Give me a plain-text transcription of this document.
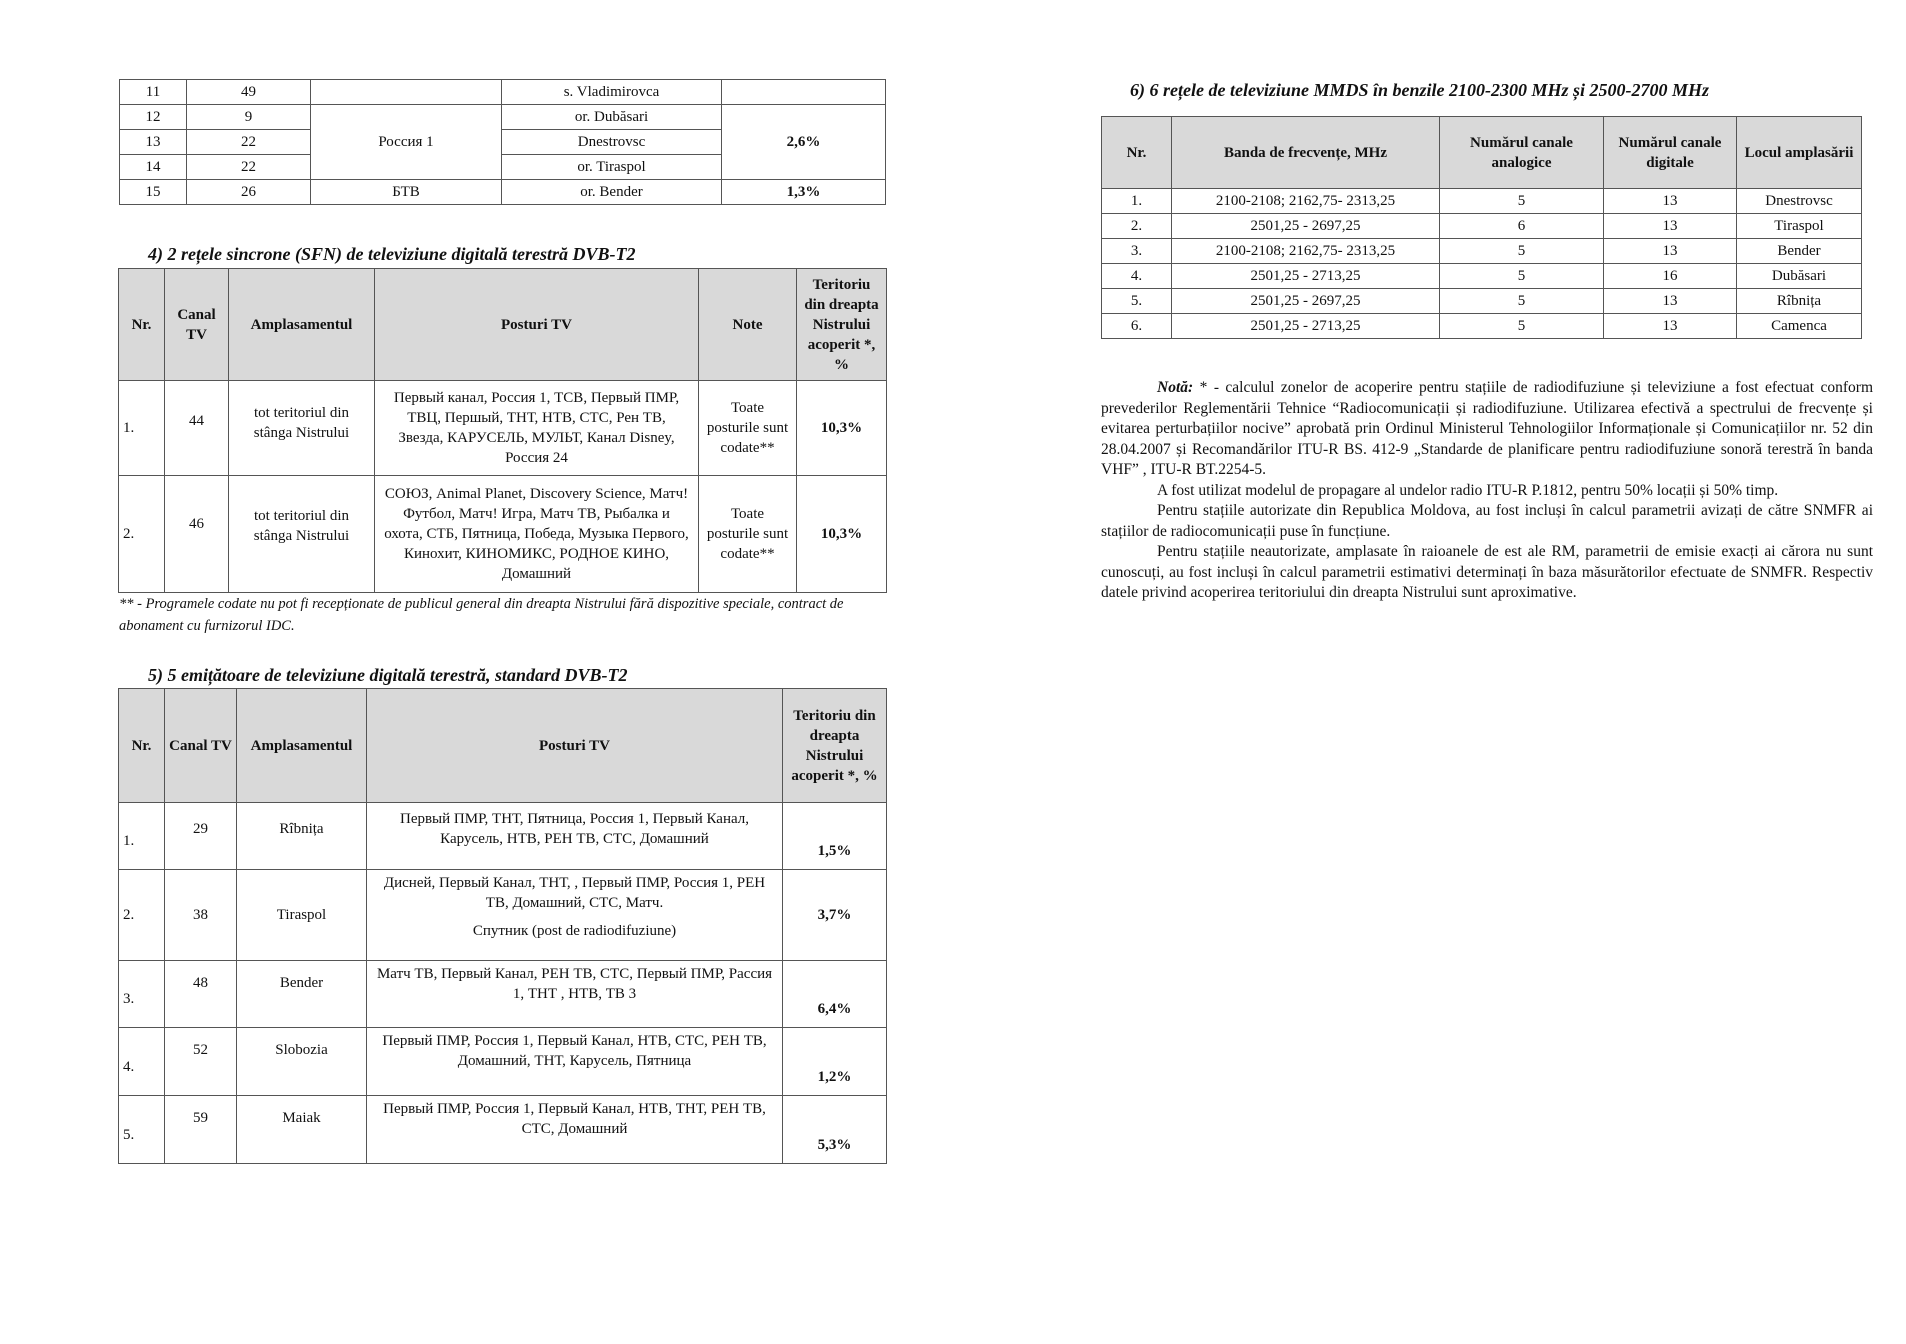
11	49		s. Vladimirovca	
12	9	Россия 1	or. Dubăsari	2,6%
13	22		Dnestrovsc	
14	22		or. Tiraspol	
15	26	БТВ	or. Bender	1,3%
4) 2 rețele sincrone (SFN) de televiziune digitală terestră DVB-T2
Nr.	Canal TV	Amplasamentul	Posturi TV	Note	Teritoriu din dreapta Nistrului acoperit *, %
1.	44	tot teritoriul din stânga Nistrului	Первый канал, Россия 1, ТСВ, Первый ПМР, ТВЦ, Першый, ТНТ, НТВ, СТС, Рен ТВ, Звезда, КАРУСЕЛЬ, МУЛЬТ, Канал Disney, Россия 24	Toate posturile sunt codate**	10,3%
2.	46	tot teritoriul din stânga Nistrului	СОЮЗ, Animal Planet, Discovery Science, Матч! Футбол, Матч! Игра, Матч ТВ, Рыбалка и охота, СТБ, Пятница, Победа, Музыка Первого, Кинохит, КИНОМИКС, РОДНОЕ КИНО, Домашний	Toate posturile sunt codate**	10,3%
** - Programele codate nu pot fi recepționate de publicul general din dreapta Nistrului fără dispozitive speciale, contract de abonament cu furnizorul IDC.
5) 5 emițătoare de televiziune digitală terestră, standard DVB-T2
Nr.	Canal TV	Amplasamentul	Posturi TV	Teritoriu din dreapta Nistrului acoperit *, %
1.	29	Rîbnița	Первый ПМР, ТНТ, Пятница, Россия 1, Первый Канал, Карусель, НТВ, РЕН ТВ, СТС, Домашний	1,5%
2.	38	Tiraspol	Дисней, Первый Канал, ТНТ, , Первый ПМР, Россия 1, РЕН ТВ, Домашний, СТС, Матч.
Спутник (post de radiodifuziune)	3,7%
3.	48	Bender	Матч ТВ, Первый Канал, РЕН ТВ, СТС, Первый ПМР, Рассия 1, ТНТ , НТВ, ТВ 3	6,4%
4.	52	Slobozia	Первый ПМР, Россия 1, Первый Канал, НТВ, СТС, РЕН ТВ, Домашний, ТНТ, Карусель, Пятница	1,2%
5.	59	Maiak	Первый ПМР, Россия 1, Первый Канал, НТВ, ТНТ, РЕН ТВ, СТС, Домашний	5,3%
6) 6 rețele de televiziune MMDS în benzile 2100-2300 MHz și 2500-2700 MHz
Nr.	Banda de frecvențe, MHz	Numărul canale analogice	Numărul canale digitale	Locul amplasării
1.	2100-2108; 2162,75- 2313,25	5	13	Dnestrovsc
2.	2501,25 - 2697,25	6	13	Tiraspol
3.	2100-2108; 2162,75- 2313,25	5	13	Bender
4.	2501,25 - 2713,25	5	16	Dubăsari
5.	2501,25 - 2697,25	5	13	Rîbnița
6.	2501,25 - 2713,25	5	13	Camenca

Notă: * - calculul zonelor de acoperire pentru stațiile de radiodifuziune și televiziune a fost efectuat conform prevederilor Reglementării Tehnice “Radiocomunicații și radiodifuziune. Utilizarea efectivă a spectrului de frecvențe și evitarea perturbațiilor nocive” aprobată prin Ordinul Ministerul Tehnologiilor Informaționale și Comunicațiilor nr. 52 din 28.04.2007 și Recomandărilor ITU-R BS. 412-9 „Standarde de planificare pentru radiodifuziune sonoră terestră în banda VHF” , ITU-R BT.2254-5.

A fost utilizat modelul de propagare al undelor radio ITU-R P.1812, pentru 50% locații și 50% timp.

Pentru stațiile autorizate din Republica Moldova, au fost incluși în calcul parametrii avizați de către SNMFR ai stațiilor de radiocomunicații puse în funcțiune.

Pentru stațiile neautorizate, amplasate în raioanele de est ale RM, parametrii de emisie exacți ai cărora nu sunt cunoscuți, au fost incluși în calcul parametrii estimativi determinați în baza măsurătorilor efectuate de SNMFR. Respectiv datele privind acoperirea teritoriului din dreapta Nistrului sunt aproximative.
